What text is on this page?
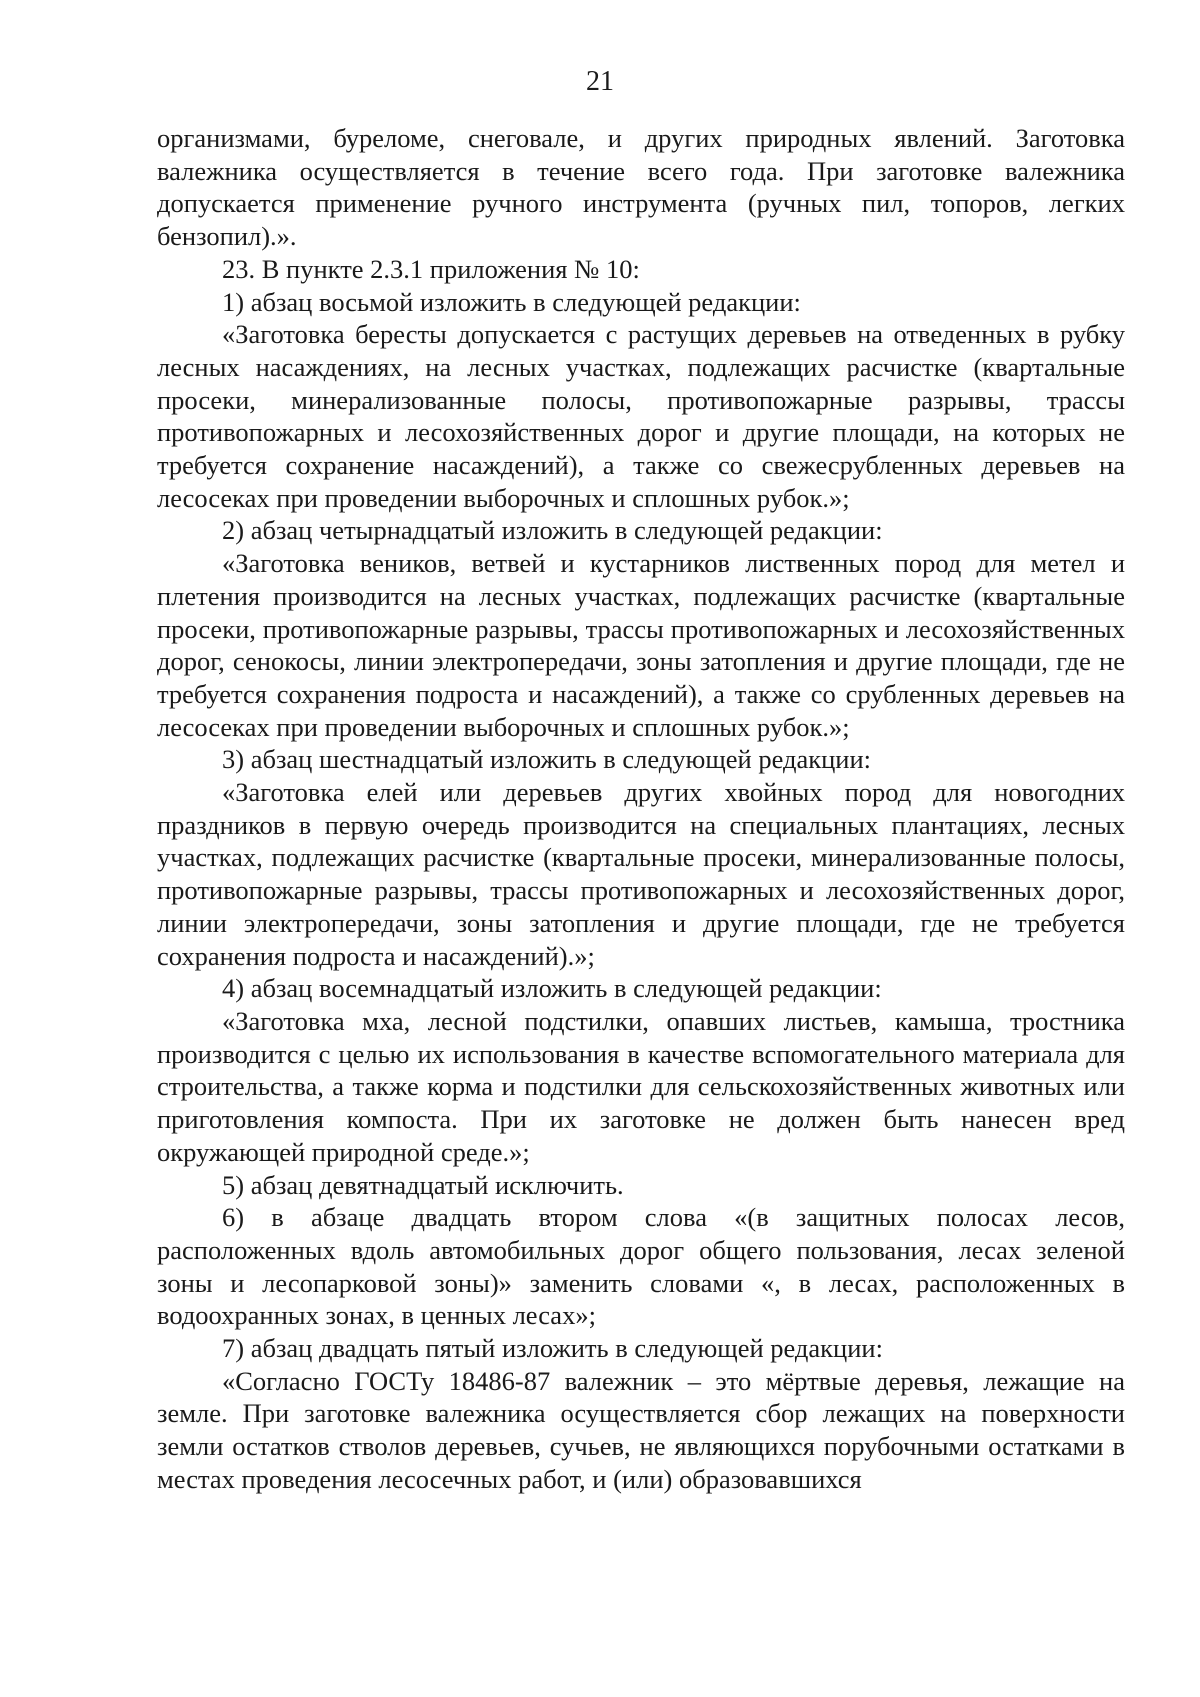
21

организмами, буреломе, снеговале, и других природных явлений. Заготовка валежника осуществляется в течение всего года. При заготовке валежника допускается применение ручного инструмента (ручных пил, топоров, легких бензопил).».

23. В пункте 2.3.1 приложения № 10:

1) абзац восьмой изложить в следующей редакции:

«Заготовка бересты допускается с растущих деревьев на отведенных в рубку лесных насаждениях, на лесных участках, подлежащих расчистке (квартальные просеки, минерализованные полосы, противопожарные разрывы, трассы противопожарных и лесохозяйственных дорог и другие площади, на которых не требуется сохранение насаждений), а также со свежесрубленных деревьев на лесосеках при проведении выборочных и сплошных рубок.»;

2) абзац четырнадцатый изложить в следующей редакции:

«Заготовка веников, ветвей и кустарников лиственных пород для метел и плетения производится на лесных участках, подлежащих расчистке (квартальные просеки, противопожарные разрывы, трассы противопожарных и лесохозяйственных дорог, сенокосы, линии электропередачи, зоны затопления и другие площади, где не требуется сохранения подроста и насаждений), а также со срубленных деревьев на лесосеках при проведении выборочных и сплошных рубок.»;

3) абзац шестнадцатый изложить в следующей редакции:

«Заготовка елей или деревьев других хвойных пород для новогодних праздников в первую очередь производится на специальных плантациях, лесных участках, подлежащих расчистке (квартальные просеки, минерализованные полосы, противопожарные разрывы, трассы противопожарных и лесохозяйственных дорог, линии электропередачи, зоны затопления и другие площади, где не требуется сохранения подроста и насаждений).»;

4) абзац восемнадцатый изложить в следующей редакции:

«Заготовка мха, лесной подстилки, опавших листьев, камыша, тростника производится с целью их использования в качестве вспомогательного материала для строительства, а также корма и подстилки для сельскохозяйственных животных или приготовления компоста. При их заготовке не должен быть нанесен вред окружающей природной среде.»;

5) абзац девятнадцатый исключить.

6) в абзаце двадцать втором слова «(в защитных полосах лесов, расположенных вдоль автомобильных дорог общего пользования, лесах зеленой зоны и лесопарковой зоны)» заменить словами «, в лесах, расположенных в водоохранных зонах, в ценных лесах»;

7) абзац двадцать пятый изложить в следующей редакции:

«Согласно ГОСТу 18486-87 валежник – это мёртвые деревья, лежащие на земле. При заготовке валежника осуществляется сбор лежащих на поверхности земли остатков стволов деревьев, сучьев, не являющихся порубочными остатками в местах проведения лесосечных работ, и (или) образовавшихся
